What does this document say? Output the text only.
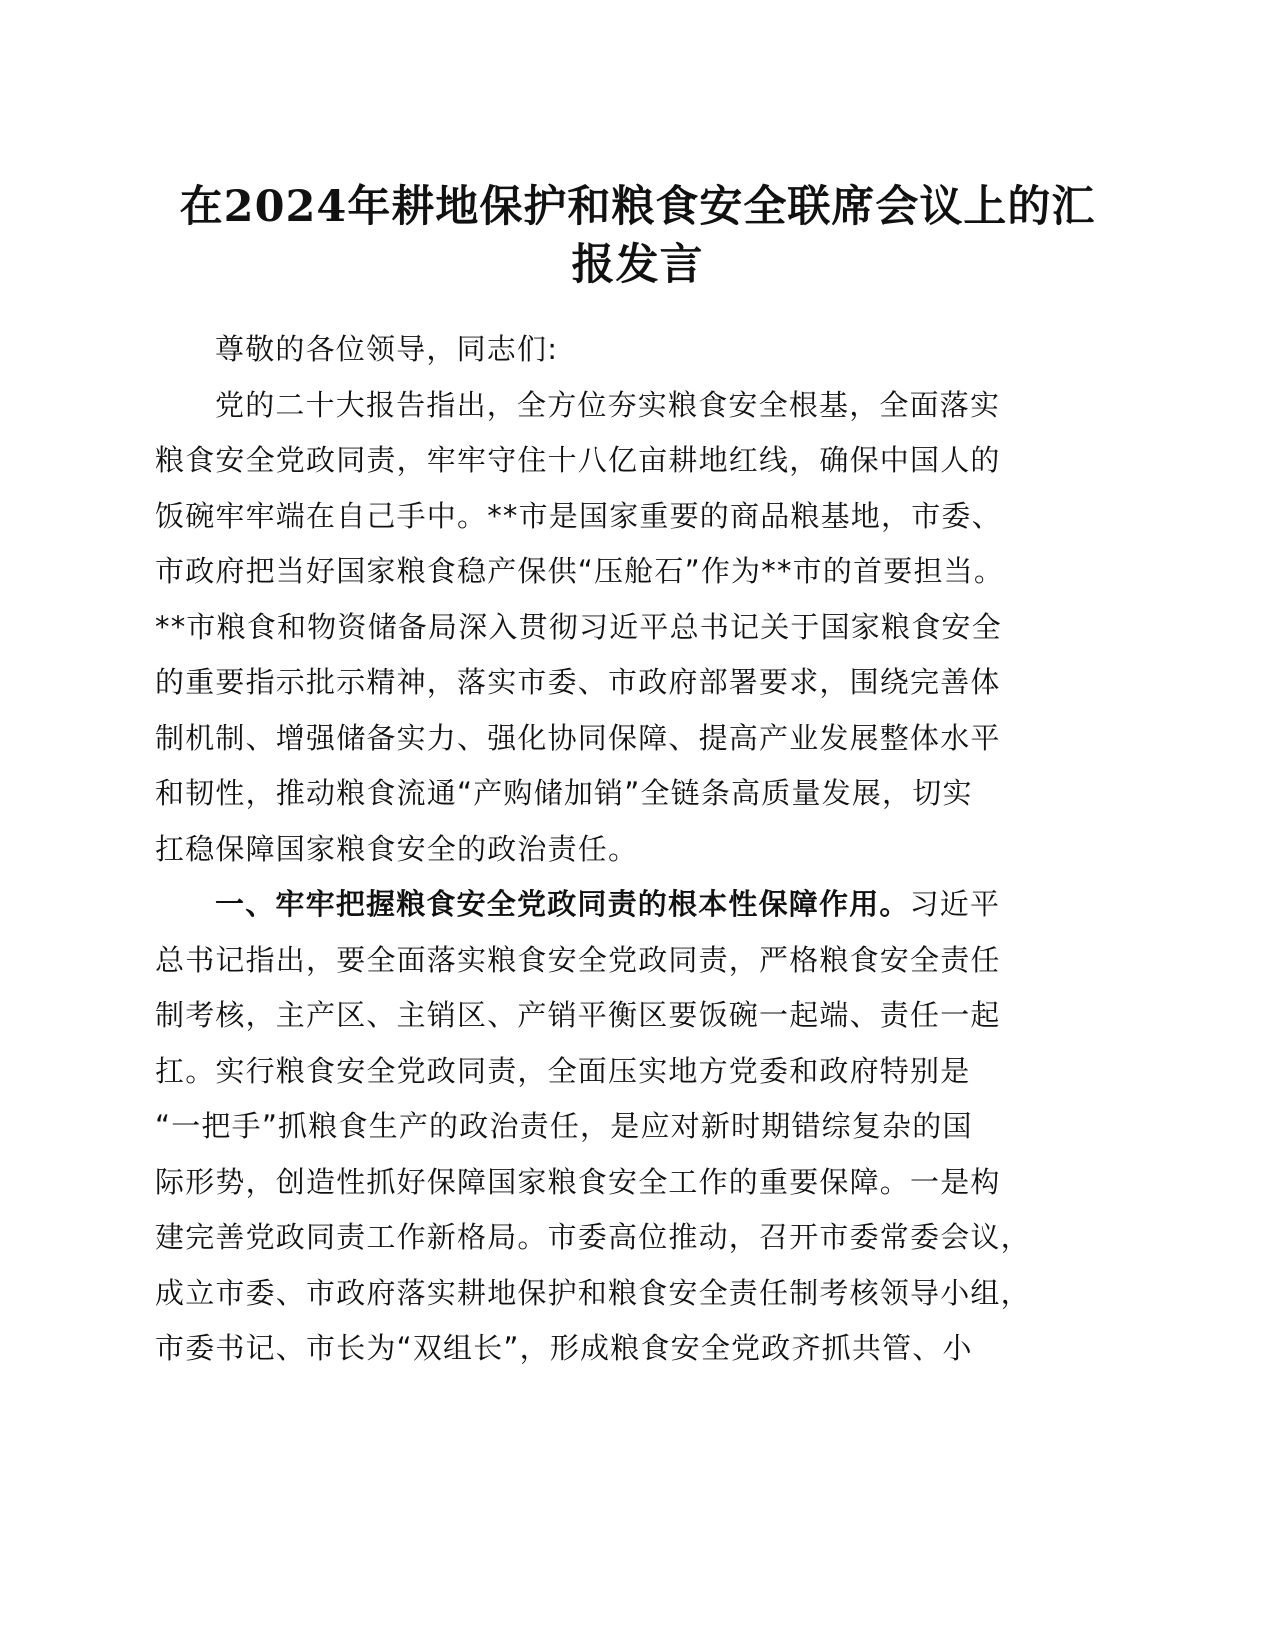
在2024年耕地保护和粮食安全联席会议上的汇
报发言
尊敬的各位领导，同志们:
党的二十大报告指出，全方位夯实粮食安全根基，全面落实
粮食安全党政同责，牢牢守住十八亿亩耕地红线，确保中国人的
饭碗牢牢端在自己手中。**市是国家重要的商品粮基地，市委、
市政府把当好国家粮食稳产保供“压舱石”作为**市的首要担当。
**市粮食和物资储备局深入贯彻习近平总书记关于国家粮食安全
的重要指示批示精神，落实市委、市政府部署要求，围绕完善体
制机制、增强储备实力、强化协同保障、提高产业发展整体水平
和韧性，推动粮食流通“产购储加销”全链条高质量发展，切实
扛稳保障国家粮食安全的政治责任。
一、牢牢把握粮食安全党政同责的根本性保障作用。习近平
总书记指出，要全面落实粮食安全党政同责，严格粮食安全责任
制考核，主产区、主销区、产销平衡区要饭碗一起端、责任一起
扛。实行粮食安全党政同责，全面压实地方党委和政府特别是
“一把手”抓粮食生产的政治责任，是应对新时期错综复杂的国
际形势，创造性抓好保障国家粮食安全工作的重要保障。一是构
建完善党政同责工作新格局。市委高位推动，召开市委常委会议，
成立市委、市政府落实耕地保护和粮食安全责任制考核领导小组，
市委书记、市长为“双组长”，形成粮食安全党政齐抓共管、小
